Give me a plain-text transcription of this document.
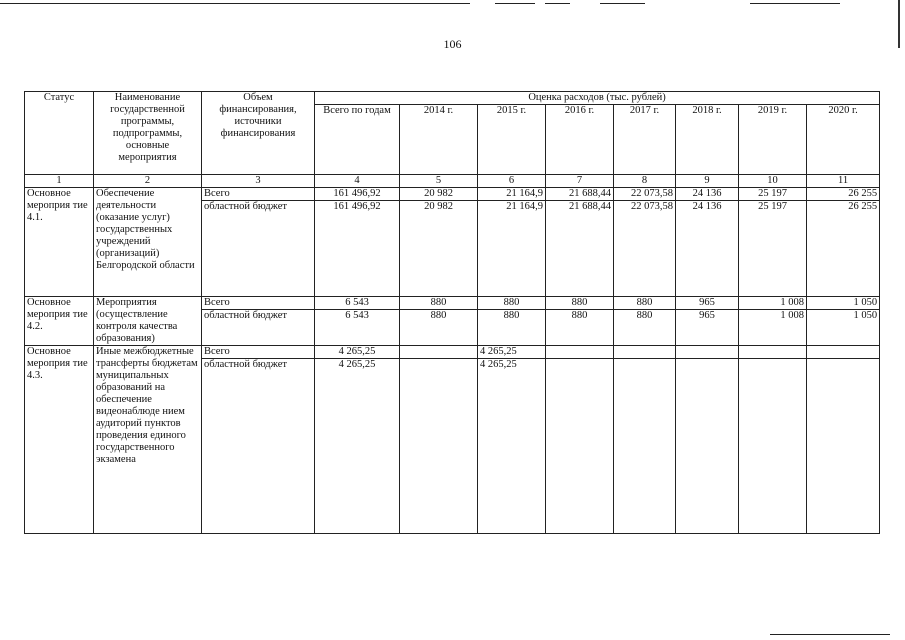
106
Статус	Наименование государственной программы, подпрограммы, основные мероприятия	Объем финансирования, источники финансирования	Оценка расходов (тыс. рублей)							
			Всего по годам	2014 г.	2015 г.	2016 г.	2017 г.	2018 г.	2019 г.	2020 г.
1	2	3	4	5	6	7	8	9	10	11
Основное мероприя тие 4.1.	Обеспечение деятельности (оказание услуг) государственных учреждений (организаций) Белгородской области	Всего	161 496,92	20 982	21 164,9	21 688,44	22 073,58	24 136	25 197	26 255
		областной бюджет	161 496,92	20 982	21 164,9	21 688,44	22 073,58	24 136	25 197	26 255
Основное мероприя тие 4.2.	Мероприятия (осуществление контроля качества образования)	Всего	6 543	880	880	880	880	965	1 008	1 050
		областной бюджет	6 543	880	880	880	880	965	1 008	1 050
Основное мероприя тие 4.3.	Иные межбюджетные трансферты бюджетам муниципальных образований на обеспечение видеонаблюде нием аудиторий пунктов проведения единого государственного экзамена	Всего	4 265,25		4 265,25					
		областной бюджет	4 265,25		4 265,25					
